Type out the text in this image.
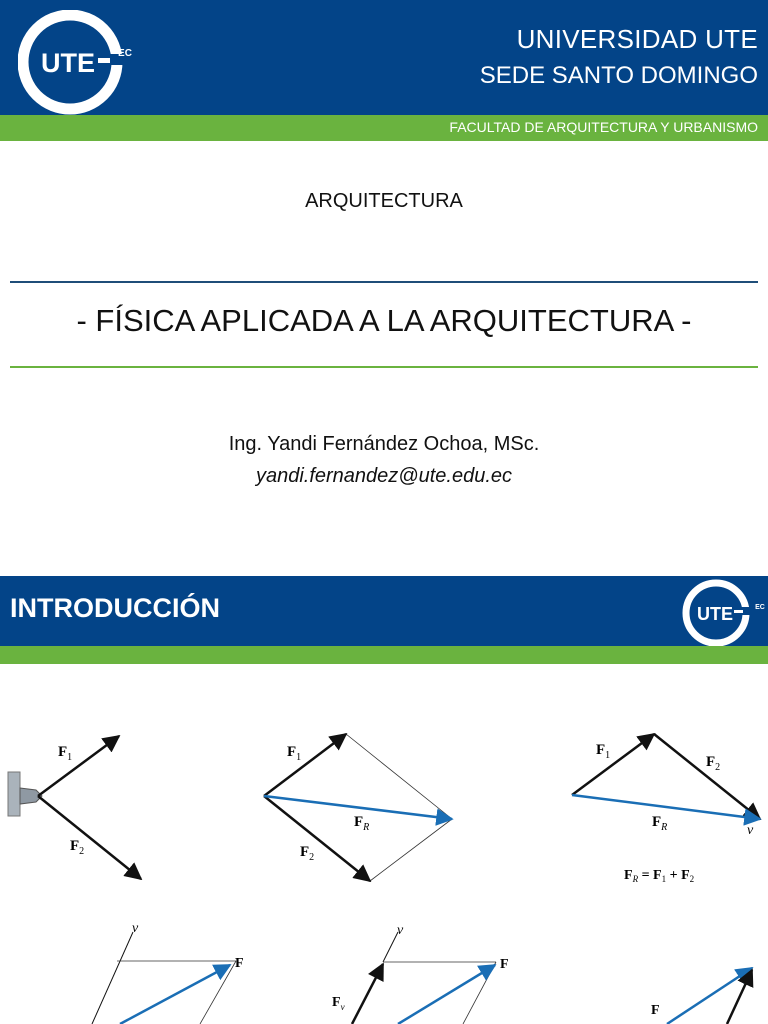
UTE EC	UNIVERSIDAD UTE
SEDE SANTO DOMINGO
FACULTAD DE ARQUITECTURA Y URBANISMO
ARQUITECTURA
- FÍSICA APLICADA A LA ARQUITECTURA -
Ing. Yandi Fernández Ochoa, MSc.
yandi.fernandez@ute.edu.ec
INTRODUCCIÓN	UTE	EC
$F_1$
$F_2$
$F_1$
$F_2$
$F_R$
$F_1$	$F_2$
$F_R$	v
$F_R = F_1 + F_2$
v
F
v
F
$F_v$	F
